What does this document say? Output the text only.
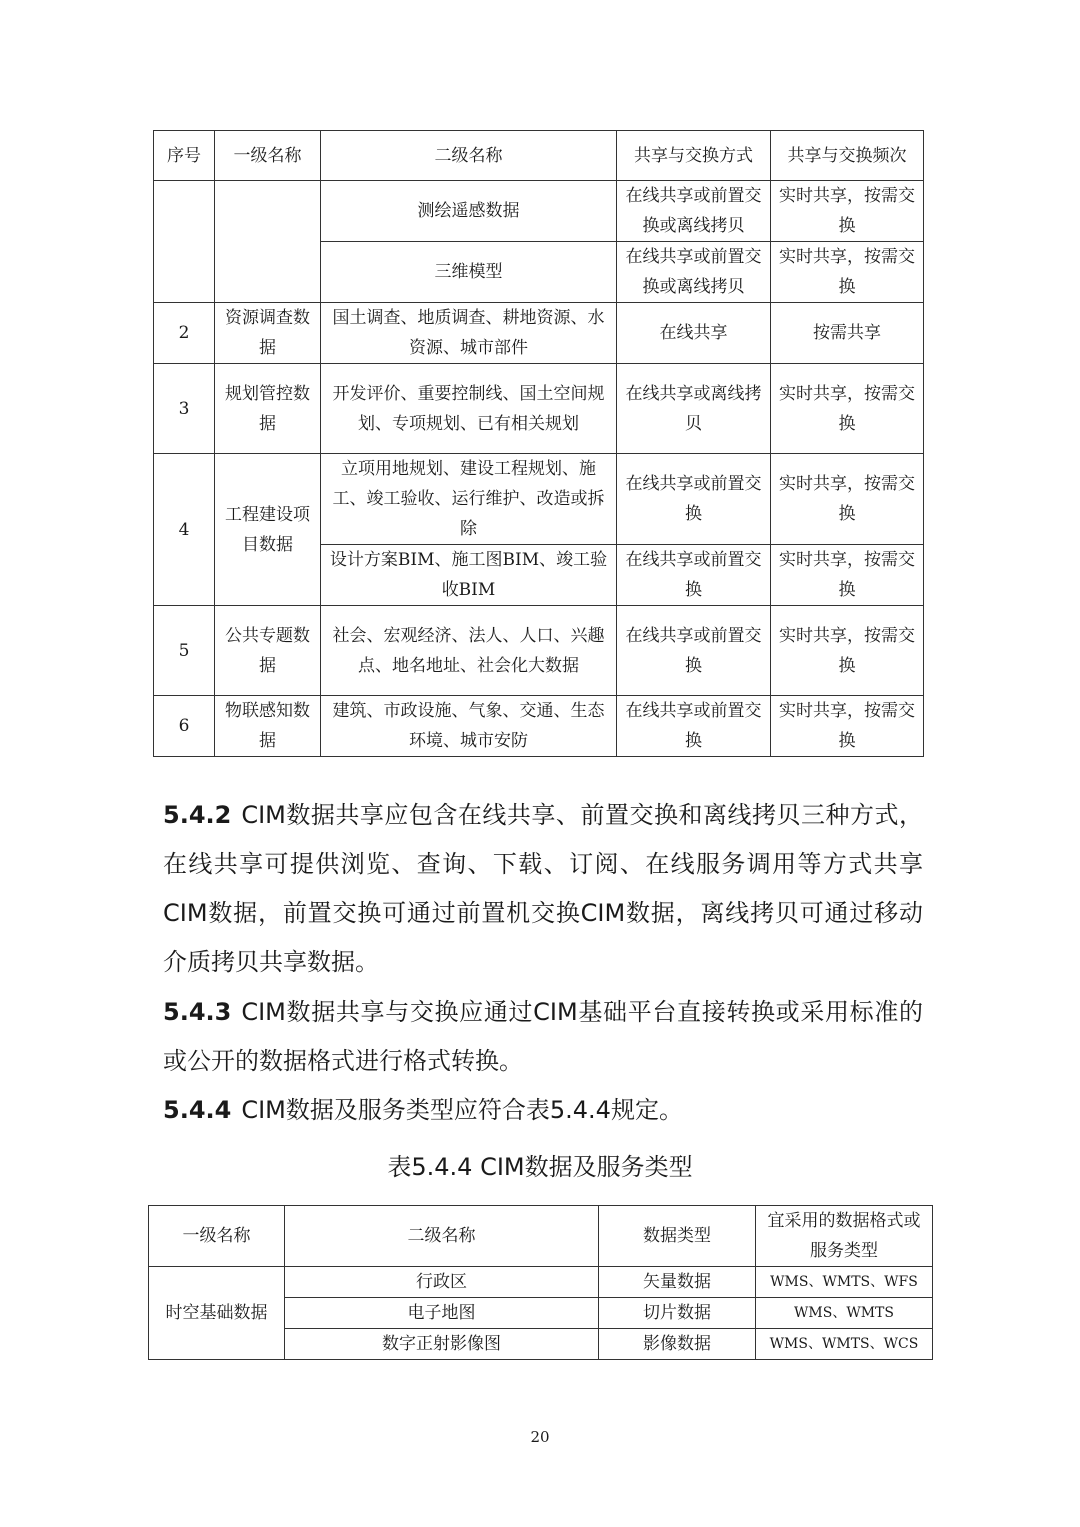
序号	一级名称	二级名称	共享与交换方式	共享与交换频次
		测绘遥感数据	在线共享或前置交换或离线拷贝	实时共享，按需交换
		三维模型	在线共享或前置交换或离线拷贝	实时共享，按需交换
2	资源调查数据	国土调查、地质调查、耕地资源、水资源、城市部件	在线共享	按需共享
3	规划管控数据	开发评价、重要控制线、国土空间规划、专项规划、已有相关规划	在线共享或离线拷贝	实时共享，按需交换
4	工程建设项目数据	立项用地规划、建设工程规划、施工、竣工验收、运行维护、改造或拆除	在线共享或前置交换	实时共享，按需交换
		设计方案BIM、施工图BIM、竣工验收BIM	在线共享或前置交换	实时共享，按需交换
5	公共专题数据	社会、宏观经济、法人、人口、兴趣点、地名地址、社会化大数据	在线共享或前置交换	实时共享，按需交换
6	物联感知数据	建筑、市政设施、气象、交通、生态环境、城市安防	在线共享或前置交换	实时共享，按需交换

5.4.2 CIM数据共享应包含在线共享、前置交换和离线拷贝三种方式，在线共享可提供浏览、查询、下载、订阅、在线服务调用等方式共享CIM数据，前置交换可通过前置机交换CIM数据，离线拷贝可通过移动介质拷贝共享数据。

5.4.3 CIM数据共享与交换应通过CIM基础平台直接转换或采用标准的或公开的数据格式进行格式转换。

5.4.4 CIM数据及服务类型应符合表5.4.4规定。

表5.4.4 CIM数据及服务类型
一级名称	二级名称	数据类型	宜采用的数据格式或服务类型
时空基础数据	行政区	矢量数据	WMS、WMTS、WFS
	电子地图	切片数据	WMS、WMTS
	数字正射影像图	影像数据	WMS、WMTS、WCS
20
